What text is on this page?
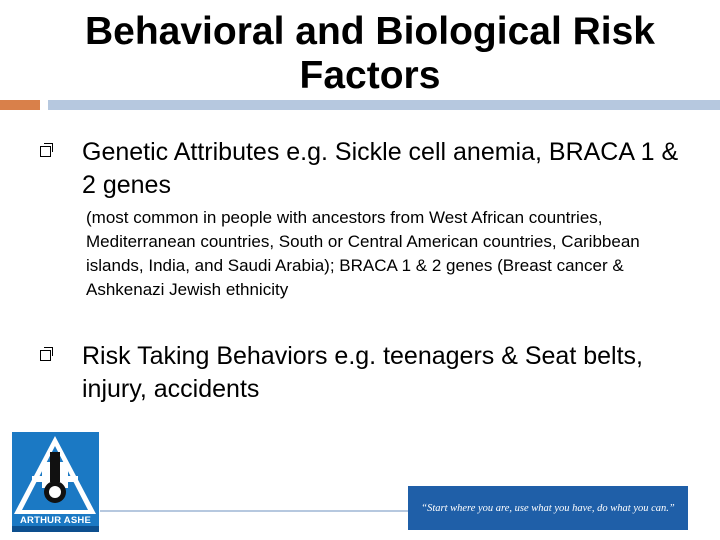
Behavioral and Biological Risk Factors
Genetic Attributes e.g. Sickle cell anemia, BRACA 1 & 2 genes
(most common in people with ancestors from West African countries, Mediterranean countries, South or Central American countries, Caribbean islands, India, and Saudi Arabia); BRACA 1 & 2 genes (Breast cancer & Ashkenazi Jewish ethnicity
Risk Taking Behaviors e.g. teenagers & Seat belts, injury, accidents
ARTHUR ASHE
“Start where you are, use what you have, do what you can.”
